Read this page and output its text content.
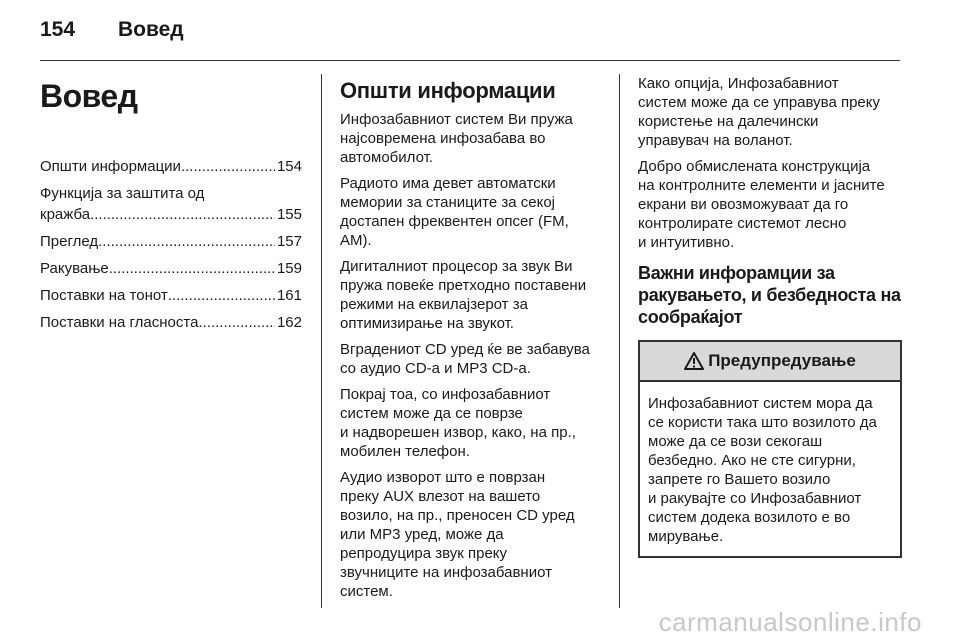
154 Вовед
Вовед
Општи информации .....	154
Функција за заштита од
кражба .....	155
Преглед .....	157
Ракување .....	159
Поставки на тонот .....	161
Поставки на гласноста .....	162
Општи информации
Инфозабавниот систем Ви пружа
најсовремена инфозабава во
автомобилот.
Радиото има девет автоматски
мемории за станиците за секој
достапен фреквентен опсег (FM,
AM).
Дигиталниот процесор за звук Ви
пружа повеќе претходно поставени
режими на еквилајзерот за
оптимизирање на звукот.
Вградениот CD уред ќе ве забавува
со аудио CD-a и MP3 CD-a.
Покрај тоа, со инфозабавниот
систем може да се поврзе
и надворешен извор, како, на пр.,
мобилен телефон.
Аудио изворот што е поврзан
преку AUX влезот на вашето
возило, на пр., преносен CD уред
или MP3 уред, може да
репродуцира звук преку
звучниците на инфозабавниот
систем.
Како опција, Инфозабавниот
систем може да се управува преку
користење на далечински
управувач на воланот.
Добро обмислената конструкција
на контролните елементи и јасните
екрани ви овозможуваат да го
контролирате системот лесно
и интуитивно.
Важни инфорамции за
ракувањето, и безбедноста на
сообраќајот
Предупредување
Инфозабавниот систем мора да
се користи така што возилото да
може да се вози секогаш
безбедно. Ако не сте сигурни,
запрете го Вашето возило
и ракувајте со Инфозабавниот
систем додека возилото е во
мирување.
carmanualsonline.info
